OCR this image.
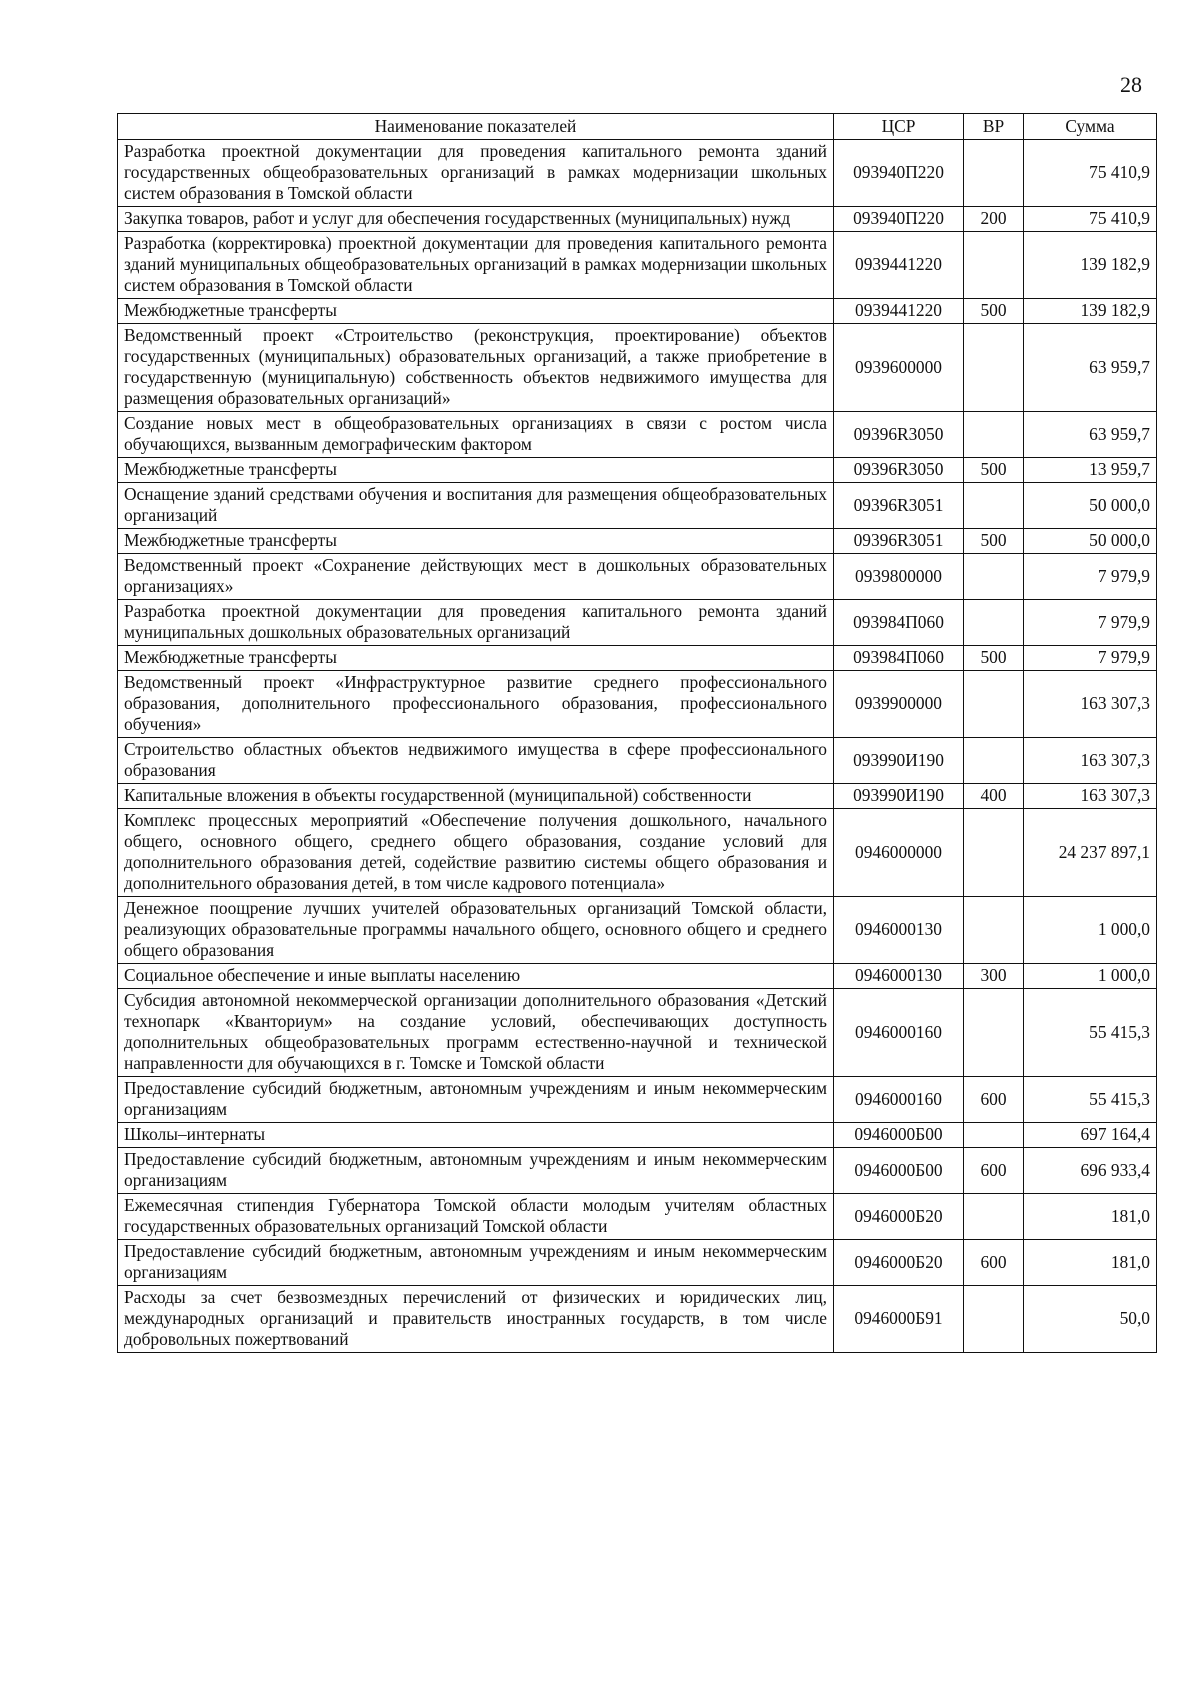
28
Наименование показателей	ЦСР	ВР	Сумма
Разработка проектной документации для проведения капитального ремонта зданий государственных общеобразовательных организаций в рамках модернизации школьных систем образования в Томской области	093940П220		75 410,9
Закупка товаров, работ и услуг для обеспечения государственных (муниципальных) нужд	093940П220	200	75 410,9
Разработка (корректировка) проектной документации для проведения капитального ремонта зданий муниципальных общеобразовательных организаций в рамках модернизации школьных систем образования в Томской области	0939441220		139 182,9
Межбюджетные трансферты	0939441220	500	139 182,9
Ведомственный проект «Строительство (реконструкция, проектирование) объектов государственных (муниципальных) образовательных организаций, а также приобретение в государственную (муниципальную) собственность объектов недвижимого имущества для размещения образовательных организаций»	0939600000		63 959,7
Создание новых мест в общеобразовательных организациях в связи с ростом числа обучающихся, вызванным демографическим фактором	09396R3050		63 959,7
Межбюджетные трансферты	09396R3050	500	13 959,7
Оснащение зданий средствами обучения и воспитания для размещения общеобразовательных организаций	09396R3051		50 000,0
Межбюджетные трансферты	09396R3051	500	50 000,0
Ведомственный проект «Сохранение действующих мест в дошкольных образовательных организациях»	0939800000		7 979,9
Разработка проектной документации для проведения капитального ремонта зданий муниципальных дошкольных образовательных организаций	093984П060		7 979,9
Межбюджетные трансферты	093984П060	500	7 979,9
Ведомственный проект «Инфраструктурное развитие среднего профессионального образования, дополнительного профессионального образования, профессионального обучения»	0939900000		163 307,3
Строительство областных объектов недвижимого имущества в сфере профессионального образования	093990И190		163 307,3
Капитальные вложения в объекты государственной (муниципальной) собственности	093990И190	400	163 307,3
Комплекс процессных мероприятий «Обеспечение получения дошкольного, начального общего, основного общего, среднего общего образования, создание условий для дополнительного образования детей, содействие развитию системы общего образования и дополнительного образования детей, в том числе кадрового потенциала»	0946000000		24 237 897,1
Денежное поощрение лучших учителей образовательных организаций Томской области, реализующих образовательные программы начального общего, основного общего и среднего общего образования	0946000130		1 000,0
Социальное обеспечение и иные выплаты населению	0946000130	300	1 000,0
Субсидия автономной некоммерческой организации дополнительного образования «Детский технопарк «Кванториум» на создание условий, обеспечивающих доступность дополнительных общеобразовательных программ естественно-научной и технической направленности для обучающихся в г. Томске и Томской области	0946000160		55 415,3
Предоставление субсидий бюджетным, автономным учреждениям и иным некоммерческим организациям	0946000160	600	55 415,3
Школы–интернаты	0946000Б00		697 164,4
Предоставление субсидий бюджетным, автономным учреждениям и иным некоммерческим организациям	0946000Б00	600	696 933,4
Ежемесячная стипендия Губернатора Томской области молодым учителям областных государственных образовательных организаций Томской области	0946000Б20		181,0
Предоставление субсидий бюджетным, автономным учреждениям и иным некоммерческим организациям	0946000Б20	600	181,0
Расходы за счет безвозмездных перечислений от физических и юридических лиц, международных организаций и правительств иностранных государств, в том числе добровольных пожертвований	0946000Б91		50,0
